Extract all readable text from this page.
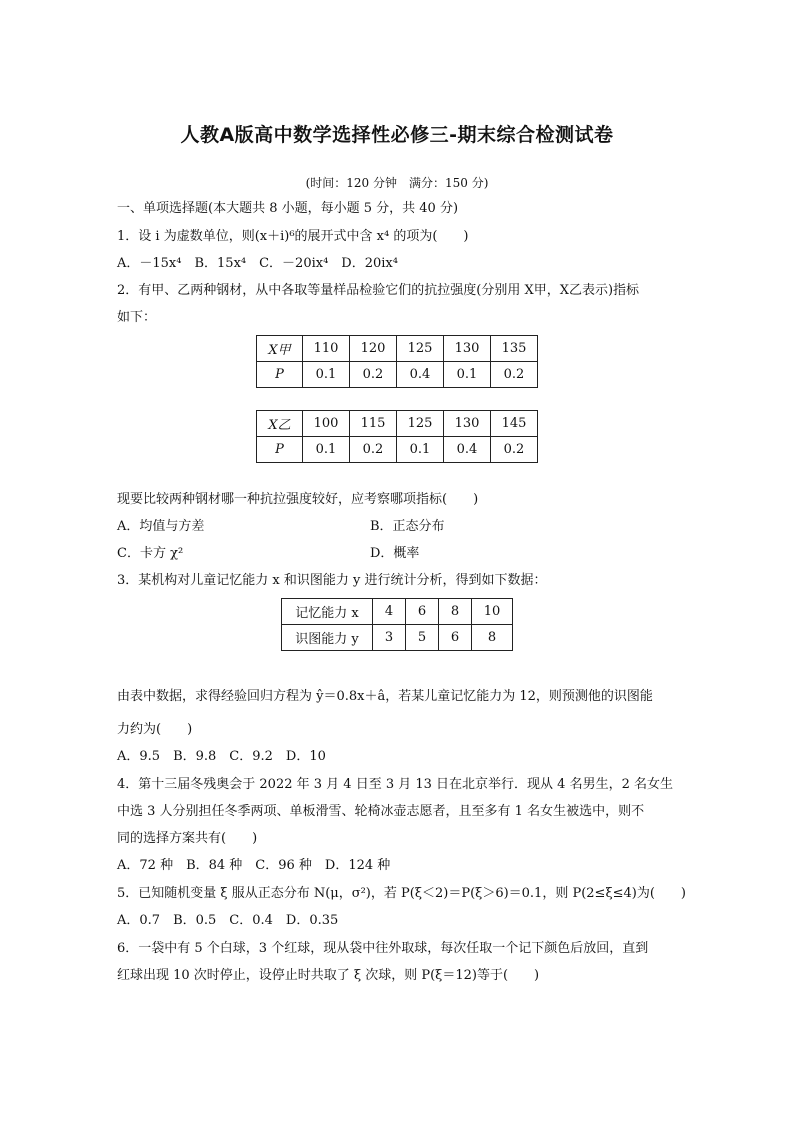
人教A版高中数学选择性必修三-期末综合检测试卷
(时间：120 分钟　满分：150 分)
一、单项选择题(本大题共 8 小题，每小题 5 分，共 40 分)
1．设 i 为虚数单位，则(x＋i)⁶的展开式中含 x⁴ 的项为(　　)
A．－15x⁴　B．15x⁴　C．－20ix⁴　D．20ix⁴
2．有甲、乙两种钢材，从中各取等量样品检验它们的抗拉强度(分别用 X甲，X乙表示)指标
如下：
X甲	110	120	125	130	135
P	0.1	0.2	0.4	0.1	0.2
X乙	100	115	125	130	145
P	0.1	0.2	0.1	0.4	0.2
现要比较两种钢材哪一种抗拉强度较好，应考察哪项指标(　　)
A．均值与方差	B．正态分布
C．卡方 χ²	D．概率
3．某机构对儿童记忆能力 x 和识图能力 y 进行统计分析，得到如下数据：
记忆能力 x	4	6	8	10
识图能力 y	3	5	6	8
由表中数据，求得经验回归方程为 ŷ＝0.8x＋â，若某儿童记忆能力为 12，则预测他的识图能
力约为(　　)
A．9.5　B．9.8　C．9.2　D．10
4．第十三届冬残奥会于 2022 年 3 月 4 日至 3 月 13 日在北京举行．现从 4 名男生，2 名女生
中选 3 人分别担任冬季两项、单板滑雪、轮椅冰壶志愿者，且至多有 1 名女生被选中，则不
同的选择方案共有(　　)
A．72 种　B．84 种　C．96 种　D．124 种
5．已知随机变量 ξ 服从正态分布 N(μ，σ²)，若 P(ξ＜2)＝P(ξ＞6)＝0.1，则 P(2≤ξ≤4)为(　　)
A．0.7　B．0.5　C．0.4　D．0.35
6．一袋中有 5 个白球，3 个红球，现从袋中往外取球，每次任取一个记下颜色后放回，直到
红球出现 10 次时停止，设停止时共取了 ξ 次球，则 P(ξ＝12)等于(　　)
